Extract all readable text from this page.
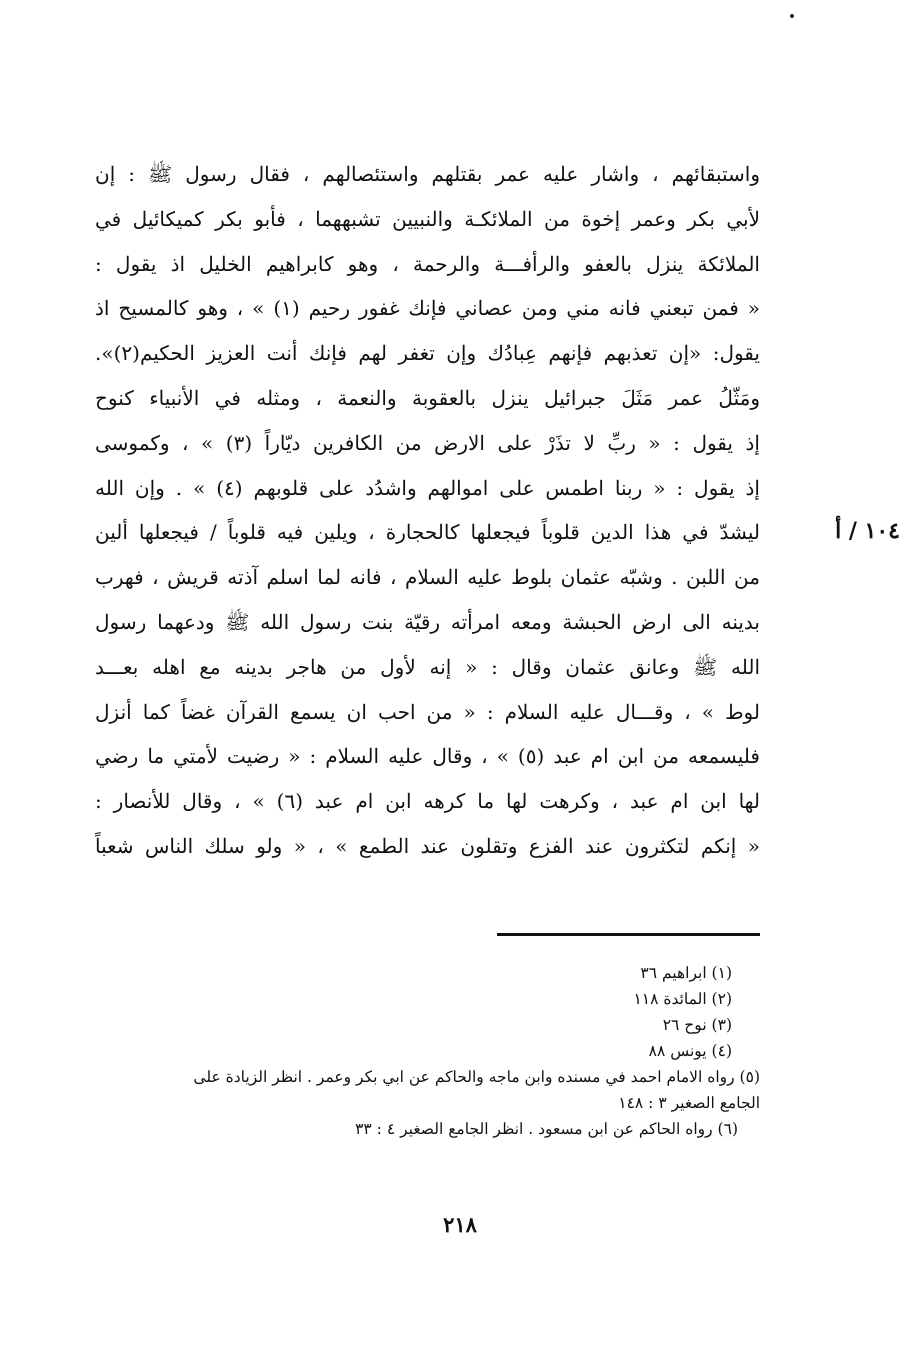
واستبقائهم ، واشار عليه عمر بقتلهم واستئصالهم ، فقال رسول ﷺ : إن
لأبي بكر وعمر إخوة من الملائكـة والنبيين تشبههما ، فأبو بكر كميكائيل في
الملائكة ينزل بالعفو والرأفـــة والرحمة ، وهو كابراهيم الخليل اذ يقول :
« فمن تبعني فانه مني ومن عصاني فإنك غفور رحيم (١) » ، وهو كالمسيح اذ
يقول: «إن تعذبهم فإنهم عِبادُك وإن تغفر لهم فإنك أنت العزيز الحكيم(٢)».
ومَثّلُ عمر مَثَلَ جبرائيل ينزل بالعقوبة والنعمة ، ومثله في الأنبياء كنوح
إذ يقول : « ربِّ لا تذَرْ على الارض من الكافرين ديّاراً (٣) » ، وكموسى
إذ يقول : « ربنا اطمس على اموالهم واشدُد على قلوبهم (٤) » . وإن الله
ليشدّ في هذا الدين قلوباً فيجعلها كالحجارة ، ويلين فيه قلوباً / فيجعلها ألين
من اللبن . وشبّه عثمان بلوط عليه السلام ، فانه لما اسلم آذته قريش ، فهرب
بدينه الى ارض الحبشة ومعه امرأته رقيّة بنت رسول الله ﷺ ودعهما رسول
الله ﷺ وعانق عثمان وقال : « إنه لأول من هاجر بدينه مع اهله بعـــد
لوط » ، وقـــال عليه السلام : « من احب ان يسمع القرآن غضاً كما أنزل
فليسمعه من ابن ام عبد (٥) » ، وقال عليه السلام : « رضيت لأمتي ما رضي
لها ابن ام عبد ، وكرهت لها ما كرهه ابن ام عبد (٦) » ، وقال للأنصار :
« إنكم لتكثرون عند الفزع وتقلون عند الطمع » ، « ولو سلك الناس شعباً
١٠٤ / أ
(١) ابراهيم ٣٦
(٢) المائدة ١١٨
(٣) نوح ٢٦
(٤) يونس ٨٨
(٥) رواه الامام احمد في مسنده وابن ماجه والحاكم عن ابي بكر وعمر . انظر الزيادة على
الجامع الصغير ٣ : ١٤٨
(٦) رواه الحاكم عن ابن مسعود . انظر الجامع الصغير ٤ : ٣٣
٢١٨
